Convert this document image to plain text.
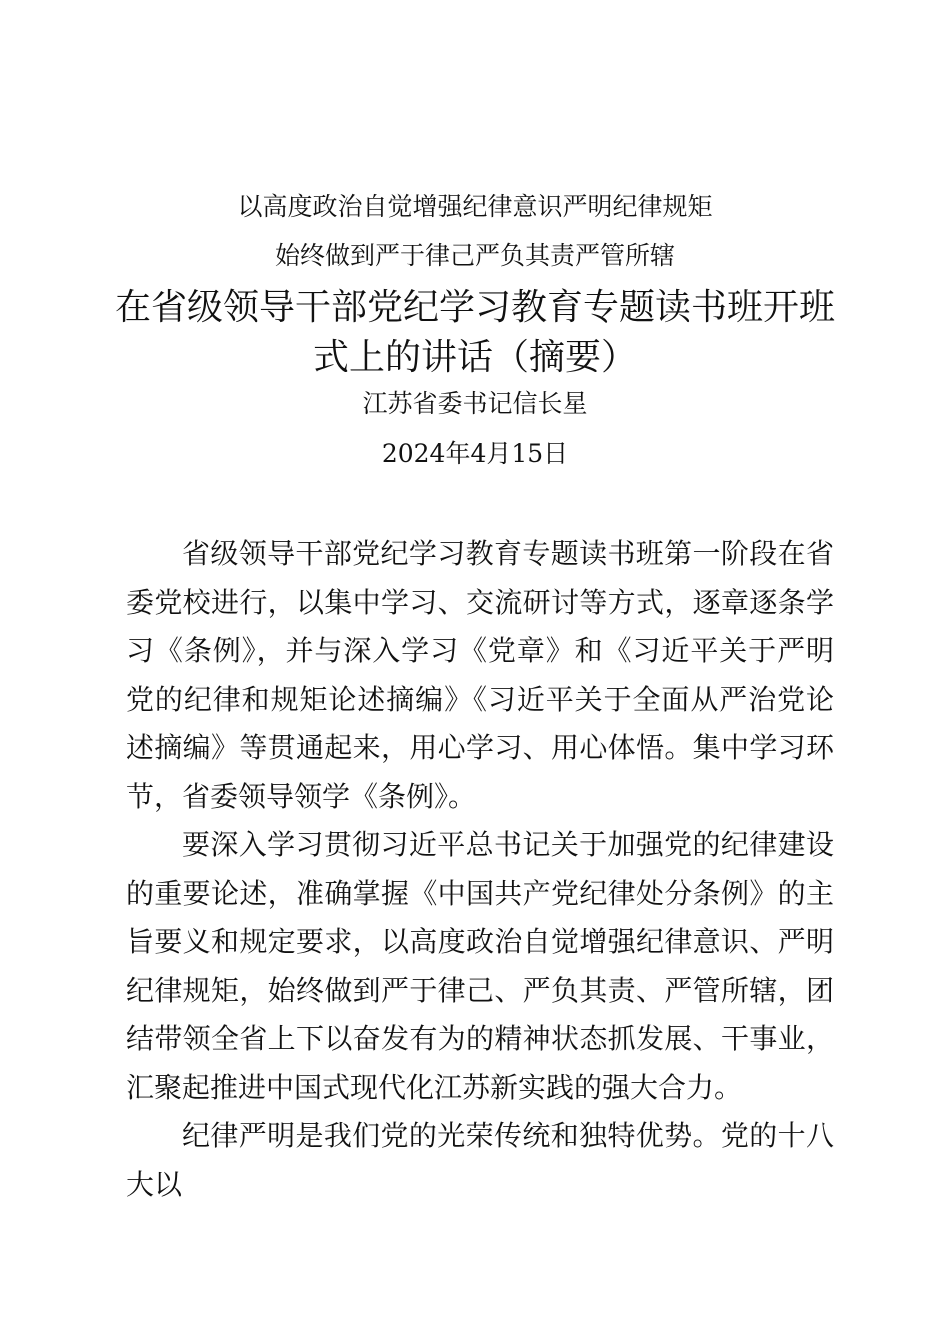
以高度政治自觉增强纪律意识严明纪律规矩
始终做到严于律己严负其责严管所辖
在省级领导干部党纪学习教育专题读书班开班
式上的讲话（摘要）
江苏省委书记信长星
2024年4月15日

省级领导干部党纪学习教育专题读书班第一阶段在省委党校进行，以集中学习、交流研讨等方式，逐章逐条学习《条例》，并与深入学习《党章》和《习近平关于严明党的纪律和规矩论述摘编》《习近平关于全面从严治党论述摘编》等贯通起来，用心学习、用心体悟。集中学习环节，省委领导领学《条例》。

要深入学习贯彻习近平总书记关于加强党的纪律建设的重要论述，准确掌握《中国共产党纪律处分条例》的主旨要义和规定要求，以高度政治自觉增强纪律意识、严明纪律规矩，始终做到严于律己、严负其责、严管所辖，团结带领全省上下以奋发有为的精神状态抓发展、干事业，汇聚起推进中国式现代化江苏新实践的强大合力。

纪律严明是我们党的光荣传统和独特优势。党的十八大以
